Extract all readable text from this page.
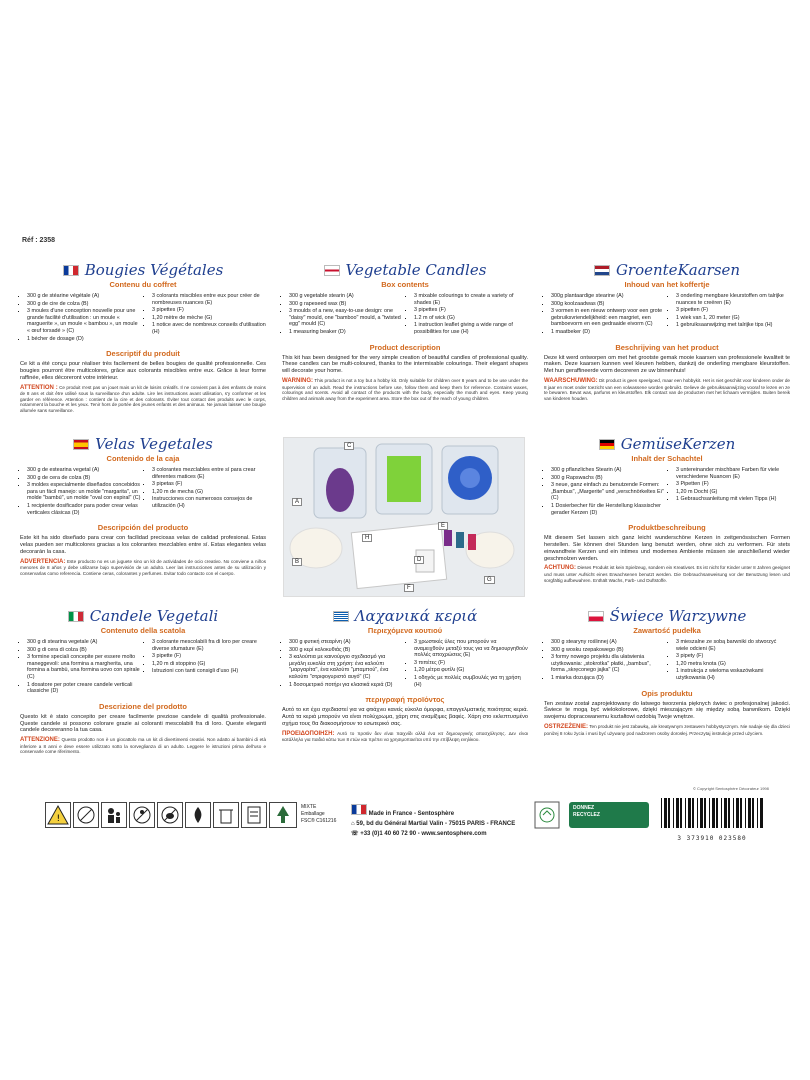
Réf : 2358
Bougies Végétales
Contenu du coffret
▪ 300 g de stéarine végétale (A)
▪ 300 g de cire de colza (B)
▪ 3 moules d'une conception nouvelle pour une grande facilité d'utilisation : un moule « marguerite », un moule « bambou », un moule « œuf torsadé » (C)
▪ 1 bécher de dosage (D)
▪ 3 colorants miscibles entre eux pour créer de nombreuses nuances (E)
▪ 3 pipettes (F)
▪ 1,20 mètre de mèche (G)
▪ 1 notice avec de nombreux conseils d'utilisation (H)
Descriptif du produit
Ce kit a été conçu pour réaliser très facilement de belles bougies de qualité professionnelle. Ces bougies pourront être multicolores, grâce aux colorants miscibles entre eux. Grâce à leur forme raffinée, elles décoreront votre intérieur.
ATTENTION : Ce produit n'est pas un jouet mais un kit de loisirs créatifs. Il ne convient pas à des enfants de moins de 8 ans et doit être utilisé sous la surveillance d'un adulte. Lire les instructions avant utilisation, s'y conformer et les garder en référence. Attention : contient de la cire et des colorants. Éviter tout contact des produits avec le corps, notamment la bouche et les yeux. Tenir hors de portée des jeunes enfants et des animaux. Ne jamais laisser une bougie allumée sans surveillance.
Vegetable Candles
Box contents
▪ 300 g vegetable stearin (A)
▪ 300 g rapeseed wax (B)
▪ 3 moulds of a new, easy-to-use design: one "daisy" mould, one "bamboo" mould, a "twisted egg" mould (C)
▪ 1 measuring beaker (D)
▪ 3 mixable colourings to create a variety of shades (E)
▪ 3 pipettes (F)
▪ 1.2 m of wick (G)
▪ 1 instruction leaflet giving a wide range of possibilities for use (H)
Product description
This kit has been designed for the very simple creation of beautiful candles of professional quality. These candles can be multi-coloured, thanks to the intermixable colourings. Their elegant shapes will decorate your home.
WARNING: This product is not a toy but a hobby kit. Only suitable for children over 8 years and to be use under the supervision of an adult. Read the instructions before use, follow them and keep them for reference. Contains waxes, colourings and scents. Avoid all contact of the products with the body, especially the mouth and eyes. Keep young children and animals away from the experiment area. Store the box out of the reach of young children.
GroenteKaarsen
Inhoud van het koffertje
▪ 300g plantaardige stearine (A)
▪ 300g koolzaadwas (B)
▪ 3 vormen in een nieuw ontwerp voor een grote gebruiksvriendelijkheid: een margriet, een bamboevorm en een gedraaide eivorm (C)
▪ 1 maatbeker (D)
▪ 3 onderling mengbare kleurstoffen om talrijke nuances te creëren (E)
▪ 3 pipetten (F)
▪ 1 wiek van 1, 20 meter (G)
▪ 1 gebruiksaanwijzing met talrijke tips (H)
Beschrijving van het product
Deze kit werd ontworpen om met het grootste gemak mooie kaarsen van professionele kwaliteit te maken. Deze kaarsen kunnen veel kleuren hebben, dankzij de onderling mengbare kleurstoffen. Met hun geraffineerde vorm decoreren ze uw binnenhuis!
WAARSCHUWING: Dit product is geen speelgoed, maar een hobbykit. Het is niet geschikt voor kinderen onder de 8 jaar en moet onder toezicht van een volwassene worden gebruikt. Gelieve de gebruiksaanwijzing vooraf te lezen en ze te bewaren. Bevat was, parfums en kleurstoffen. Elk contact van de producten met het lichaam vermijden. Buiten bereik van kinderen houden.
Velas Vegetales
Contenido de la caja
▪ 300 g de estearina vegetal (A)
▪ 300 g de cera de colza (B)
▪ 3 moldes especialmente diseñados concebidos para un fácil manejo: un molde "margarita", un molde "bambú", un molde "oval con espiral" (C)
▪ 1 recipiente dosificador para poder crear velas verticales clásicas (D)
▪ 3 colorantes mezclables entre sí para crear diferentes matices (E)
▪ 3 pipetas (F)
▪ 1,20 m de mecha (G)
▪ Instrucciones con numerosos consejos de utilización (H)
Descripción del producto
Este kit ha sido diseñado para crear con facilidad preciosas velas de calidad profesional. Estas velas pueden ser multicolores gracias a los colorantes mezclables entre sí. Estas elegantes velas decorarán la casa.
ADVERTENCIA: Este producto no es un juguete sino un kit de actividades de ocio creativo. No conviene a niños menores de 8 años y debe utilizarse bajo supervisión de un adulto. Leer las instrucciones antes de su utilización y conservarlas como referencia. Contiene ceras, colorantes y perfumes. Evitar todo contacto con el cuerpo.
GemüseKerzen
Inhalt der Schachtel
▪ 300 g pflanzliches Stearin (A)
▪ 300 g Rapswachs (B)
▪ 3 neue, ganz einfach zu benutzende Formen: „Bambus", „Margerite" und „verschnörkeltes Ei" (C)
▪ 1 Dosierbecher für die Herstellung klassischer gerader Kerzen (D)
▪ 3 untereinander mischbare Farben für viele verschiedene Nuancen (E)
▪ 3 Pipetten (F)
▪ 1,20 m Docht (G)
▪ 1 Gebrauchsanleitung mit vielen Tipps (H)
Produktbeschreibung
Mit diesem Set lassen sich ganz leicht wunderschöne Kerzen in zeitgenössischen Formen herstellen. Sie können drei Stunden lang benutzt werden, ohne sich zu verformen. Für stets einwandfreie Kerzen und ein intimes und modernes Ambiente müssen sie anschließend wieder geschmolzen werden.
ACHTUNG: Dieses Produkt ist kein Spielzeug, sondern ein Kreativset. Es ist nicht für Kinder unter 8 Jahren geeignet und muss unter Aufsicht eines Erwachsenen benutzt werden. Die Gebrauchsanweisung vor der Benutzung lesen und sorgfältig aufbewahren. Enthält Wachs, Farb- und Duftstoffe.
Candele Vegetali
Contenuto della scatola
▪ 300 g di stearina vegetale (A)
▪ 300 g di cera di colza (B)
▪ 3 formine speciali concepite per essere molto maneggevoli: una formina a margherita, una formina a bambù, una formina uovo con spirale (C)
▪ 1 dosatore per poter creare candele verticali classiche (D)
▪ 3 colorante mescolabili fra di loro per creare diverse sfumature (E)
▪ 3 pipette (F)
▪ 1,20 m di stoppino (G)
▪ Istruzioni con tanti consigli d'uso (H)
Descrizione del prodotto
Questo kit è stato concepito per creare facilmente preziose candele di qualità professionale. Queste candele si possono colorare grazie ai coloranti mescolabili fra di loro. Queste eleganti candele decoreranno la tua casa.
ATTENZIONE: Questo prodotto non è un giocattolo ma un kit di divertimenti creativi. Non adatto ai bambini di età inferiore a 8 anni e deve essere utilizzato sotto la sorveglianza di un adulto. Leggere le istruzioni prima dell'uso e conservarle come riferimento.
Λαχανικά κεριά
Περιεχόμενα κουτιού
▪ 300 g φυτική στεαρίνη (A)
▪ 300 g κερί κολοκυθιάς (B)
▪ 3 καλούπια με καινούργιο σχεδιασμό για μεγάλη ευκολία στη χρήση: ένα καλούπι "μαργαρίτα", ένα καλούπι "μπαμπού", ένα καλούπι "στριφογυριστό αυγό" (C)
▪ 1 δοσομετρικό ποτήρι για κλασικά κεριά (D)
▪ 3 χρωστικές ύλες που μπορούν να αναμειχθούν μεταξύ τους για να δημιουργηθούν πολλές αποχρώσεις (E)
▪ 3 πιπέτες (F)
▪ 1,20 μέτρα φυτίλι (G)
▪ 1 οδηγός με πολλές συμβουλές για τη χρήση (H)
περιγραφή προϊόντος
Αυτό το κιτ έχει σχεδιαστεί για να φτιάχνει κανείς εύκολα όμορφα, επαγγελματικής ποιότητας κεριά. Αυτά τα κεριά μπορούν να είναι πολύχρωμα, χάρη στις αναμίξιμες βαφές. Χάρη στο εκλεπτυσμένο σχήμα τους θα διακοσμήσουν το εσωτερικό σας.
ΠΡΟΕΙΔΟΠΟΙΗΣΗ: Αυτό το προϊόν δεν είναι παιχνίδι αλλά ένα κιτ δημιουργικής απασχόλησης. Δεν είναι κατάλληλο για παιδιά κάτω των 8 ετών και πρέπει να χρησιμοποιείται υπό την επίβλεψη ενηλίκου.
Świece Warzywne
Zawartość pudełka
▪ 300 g stearyny roślinnej (A)
▪ 300 g wosku rzepakowego (B)
▪ 3 formy nowego projektu dla ułatwienia użytkowania: „stokrotka" płatki, „bambus", forma „skręconego jajka" (C)
▪ 1 miarka dozująca (D)
▪ 3 mieszalne ze sobą barwniki do stworzyć wiele odcieni (E)
▪ 3 pipety (F)
▪ 1,20 metra knota (G)
▪ 1 instrukcja z wieloma wskazówkami użytkowania (H)
Opis produktu
Ten zestaw został zaprojektowany do łatwego tworzenia pięknych świec o profesjonalnej jakości. Świece te mogą być wielokolorowe, dzięki mieszającym się między sobą barwnikom. Dzięki swojemu dopracowanemu kształtowi ozdobią Twoje wnętrze.
OSTRZEŻENIE: Ten produkt nie jest zabawką, ale kreatywnym zestawem hobbystycznym. Nie nadaje się dla dzieci poniżej 8 roku życia i musi być używany pod nadzorem osoby dorosłej. Przeczytaj instrukcje przed użyciem.
A
B
C
D
E
F
G
H
© Copyright Sentosphère Décorateur 1998
!
MIXTE
Emballage
FSC® C161216
Made in France - Sentosphère
⌂ 59, bd du Général Martial Valin - 75015 PARIS - FRANCE
☏ +33 (0)1 40 60 72 90 - www.sentosphere.com
DONNEZ
RECYCLEZ
3 373910 023580
